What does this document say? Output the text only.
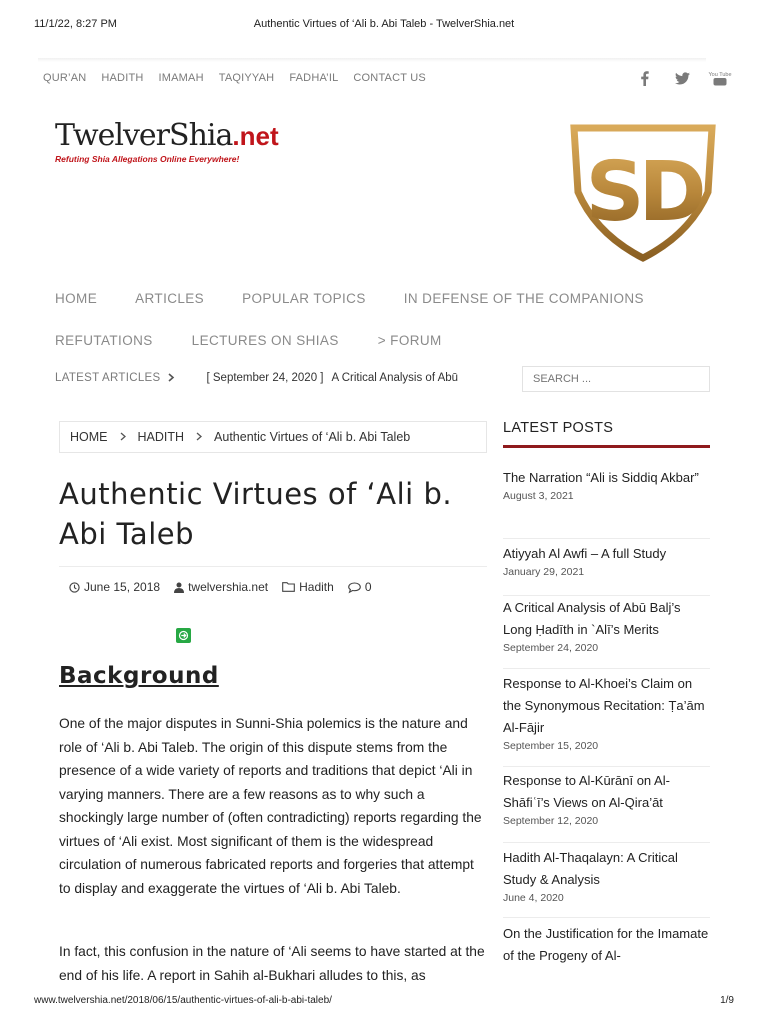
11/1/22, 8:27 PM	Authentic Virtues of ‘Ali b. Abi Taleb - TwelverShia.net
QUR’AN HADITH IMAMAH TAQIYYAH FADHA’IL CONTACT US	You Tube
TwelverShia.net
Refuting Shia Allegations Online Everywhere!	SD
HOME	ARTICLES	POPULAR TOPICS	IN DEFENSE OF THE COMPANIONS
REFUTATIONS	LECTURES ON SHIAS	> FORUM
LATEST ARTICLES	[ September 24, 2020 ] A Critical Analysis of Abū
SEARCH ...
HOME HADITH Authentic Virtues of ‘Ali b. Abi Taleb
Authentic Virtues of ‘Ali b. Abi Taleb
June 15, 2018 twelvershia.net	Hadith	0
Background

One of the major disputes in Sunni-Shia polemics is the nature and role of ‘Ali b. Abi Taleb. The origin of this dispute stems from the presence of a wide variety of reports and traditions that depict ‘Ali in varying manners. There are a few reasons as to why such a shockingly large number of (often contradicting) reports regarding the virtues of ‘Ali exist. Most significant of them is the widespread circulation of numerous fabricated reports and forgeries that attempt to display and exaggerate the virtues of ‘Ali b. Abi Taleb.

In fact, this confusion in the nature of ‘Ali seems to have started at the end of his life. A report in Sahih al-Bukhari alludes to this, as

LATEST POSTS
The Narration “Ali is Siddiq Akbar”
August 3, 2021
Atiyyah Al Awfi – A full Study
January 29, 2021
A Critical Analysis of Abū Balj’s Long Ḥadīth in `Alī’s Merits
September 24, 2020
Response to Al-Khoei’s Claim on the Synonymous Recitation: Ṭa’ām Al-Fājir
September 15, 2020
Response to Al-Kūrānī on Al-Shāfiʿī’s Views on Al-Qira’āt
September 12, 2020
Hadith Al-Thaqalayn: A Critical Study & Analysis
June 4, 2020
On the Justification for the Imamate of the Progeny of Al-
www.twelvershia.net/2018/06/15/authentic-virtues-of-ali-b-abi-taleb/	1/9
